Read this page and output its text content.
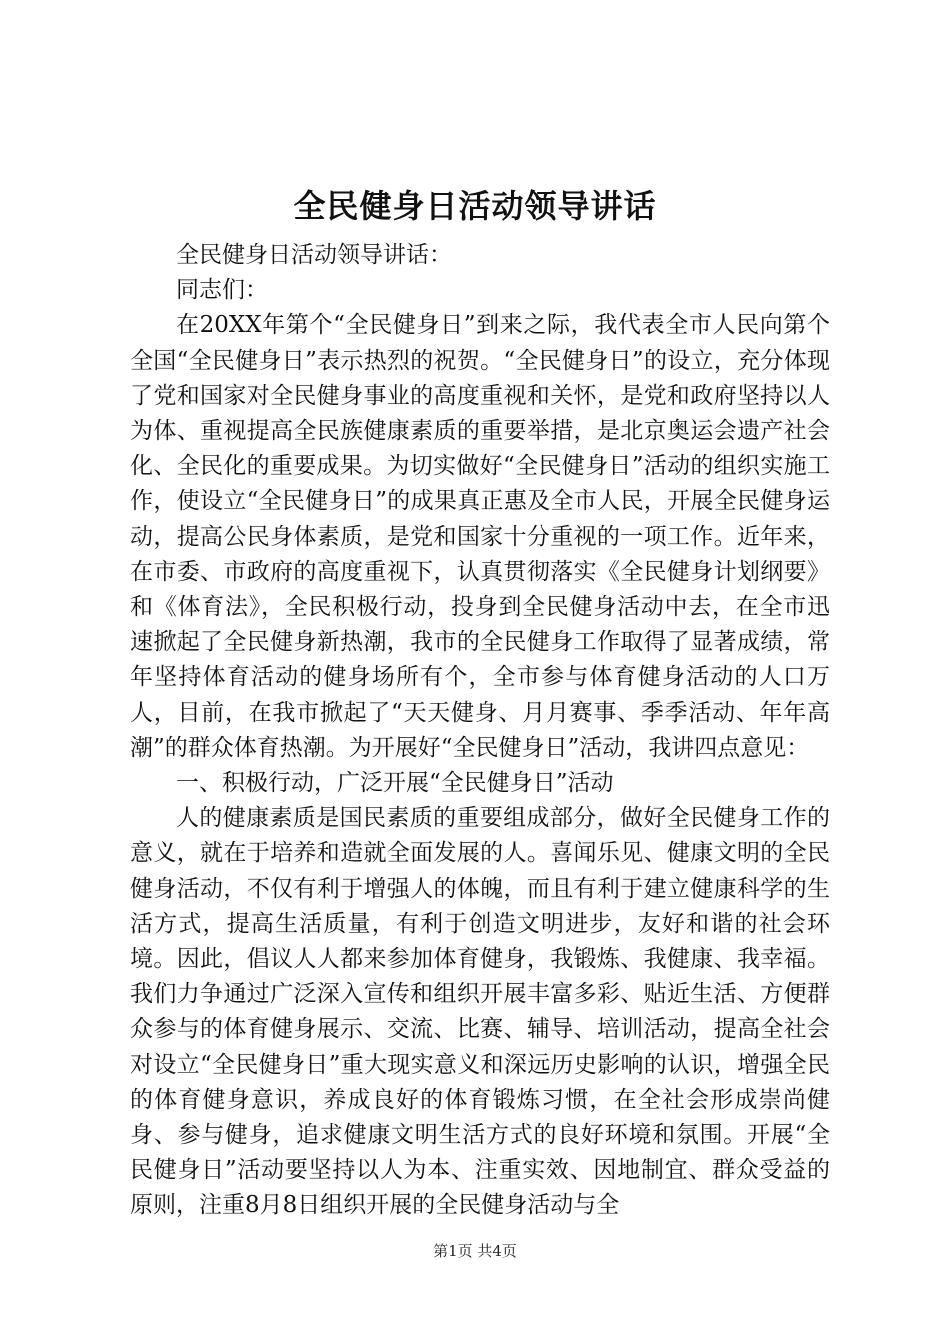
全民健身日活动领导讲话

全民健身日活动领导讲话：

同志们：

在20XX年第个“全民健身日”到来之际，我代表全市人民向第个全国“全民健身日”表示热烈的祝贺。“全民健身日”的设立，充分体现了党和国家对全民健身事业的高度重视和关怀，是党和政府坚持以人为体、重视提高全民族健康素质的重要举措，是北京奥运会遗产社会化、全民化的重要成果。为切实做好“全民健身日”活动的组织实施工作，使设立“全民健身日”的成果真正惠及全市人民，开展全民健身运动，提高公民身体素质，是党和国家十分重视的一项工作。近年来，在市委、市政府的高度重视下，认真贯彻落实《全民健身计划纲要》和《体育法》，全民积极行动，投身到全民健身活动中去，在全市迅速掀起了全民健身新热潮，我市的全民健身工作取得了显著成绩，常年坚持体育活动的健身场所有个，全市参与体育健身活动的人口万人，目前，在我市掀起了“天天健身、月月赛事、季季活动、年年高潮”的群众体育热潮。为开展好“全民健身日”活动，我讲四点意见：

一、积极行动，广泛开展“全民健身日”活动

人的健康素质是国民素质的重要组成部分，做好全民健身工作的意义，就在于培养和造就全面发展的人。喜闻乐见、健康文明的全民健身活动，不仅有利于增强人的体魄，而且有利于建立健康科学的生活方式，提高生活质量，有利于创造文明进步，友好和谐的社会环境。因此，倡议人人都来参加体育健身，我锻炼、我健康、我幸福。我们力争通过广泛深入宣传和组织开展丰富多彩、贴近生活、方便群众参与的体育健身展示、交流、比赛、辅导、培训活动，提高全社会对设立“全民健身日”重大现实意义和深远历史影响的认识，增强全民的体育健身意识，养成良好的体育锻炼习惯，在全社会形成崇尚健身、参与健身，追求健康文明生活方式的良好环境和氛围。开展“全民健身日”活动要坚持以人为本、注重实效、因地制宜、群众受益的原则，注重8月8日组织开展的全民健身活动与全

第1页 共4页
